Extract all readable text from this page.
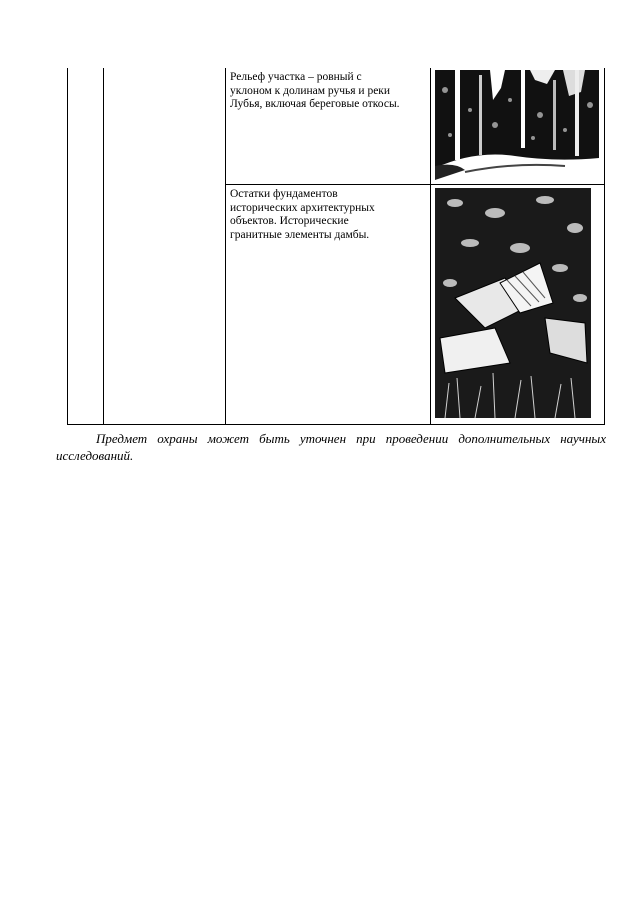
Рельеф участка – ровный с
уклоном к долинам ручья и реки
Лубья, включая береговые откосы.

Остатки фундаментов
исторических архитектурных
объектов. Исторические
гранитные элементы дамбы.

Предмет охраны может быть уточнен при проведении дополнительных научных исследований.
